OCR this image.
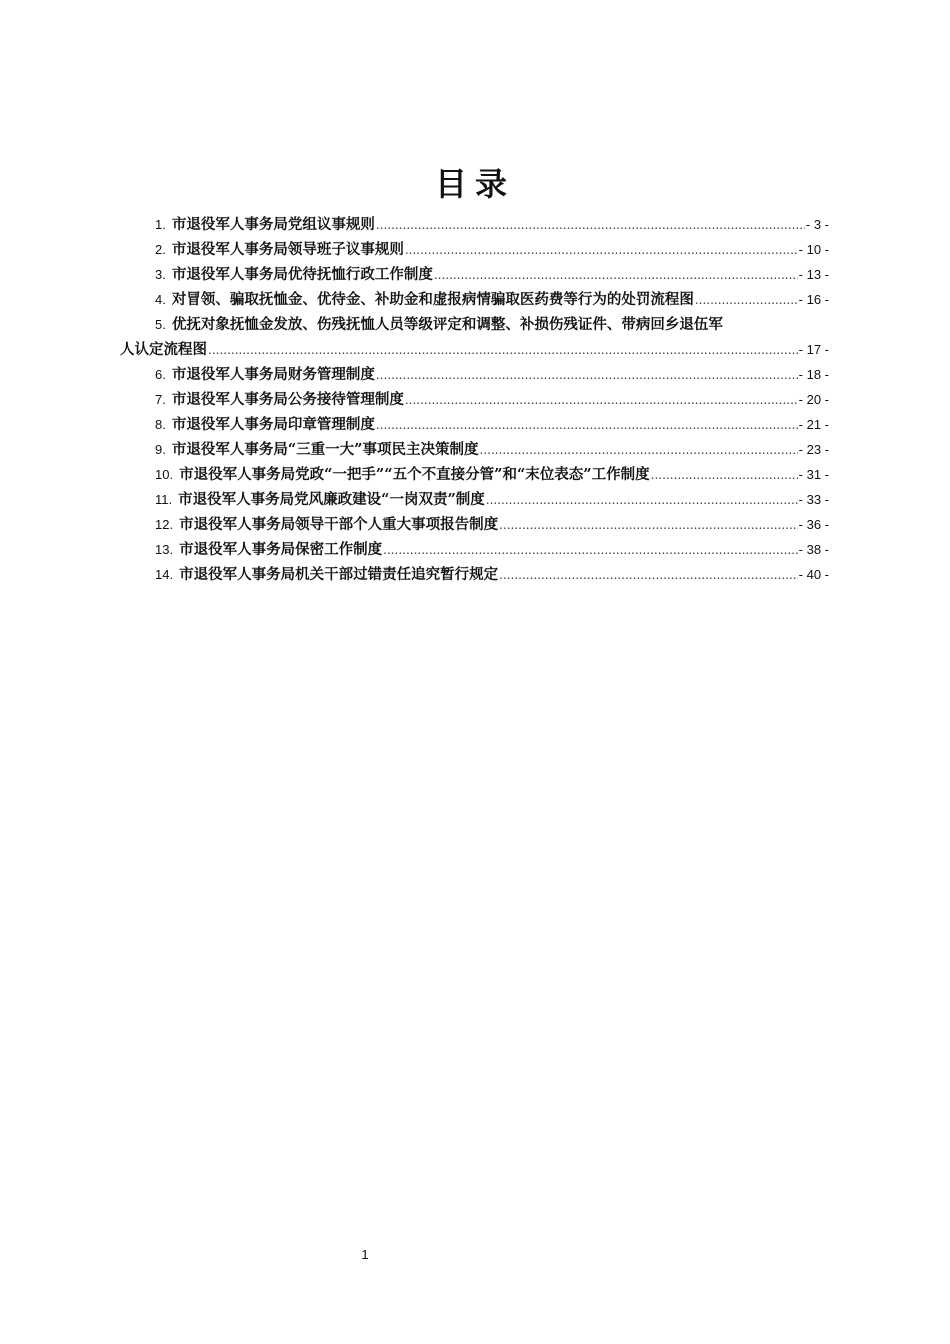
目录
1. 市退役军人事务局党组议事规则 .....	- 3 -
2. 市退役军人事务局领导班子议事规则 .....	- 10 -
3. 市退役军人事务局优待抚恤行政工作制度 .....	- 13 -
4. 对冒领、骗取抚恤金、优待金、补助金和虚报病情骗取医药费等行为的处罚流程图 .....	- 16 -
5. 优抚对象抚恤金发放、伤残抚恤人员等级评定和调整、补损伤残证件、带病回乡退伍军
人认定流程图 .....	- 17 -
6. 市退役军人事务局财务管理制度 .....	- 18 -
7. 市退役军人事务局公务接待管理制度 .....	- 20 -
8. 市退役军人事务局印章管理制度 .....	- 21 -
9. 市退役军人事务局“三重一大”事项民主决策制度 .....	- 23 -
10. 市退役军人事务局党政“一把手”“五个不直接分管”和“末位表态”工作制度 .....	- 31 -
11. 市退役军人事务局党风廉政建设“一岗双责”制度 .....	- 33 -
12. 市退役军人事务局领导干部个人重大事项报告制度 .....	- 36 -
13. 市退役军人事务局保密工作制度 .....	- 38 -
14. 市退役军人事务局机关干部过错责任追究暂行规定 .....	- 40 -
1
